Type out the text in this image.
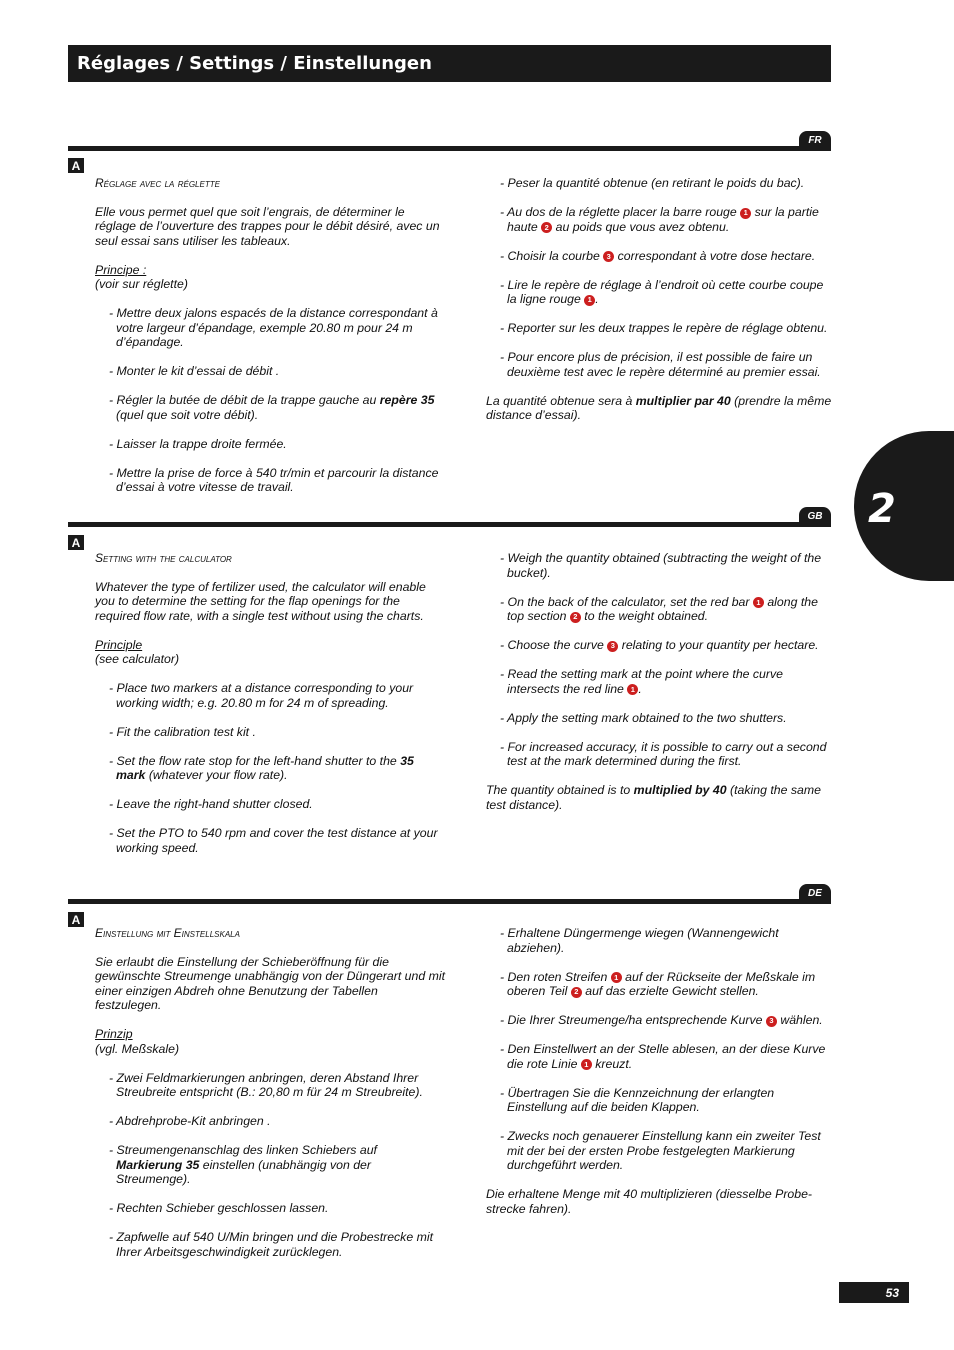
Réglages / Settings / Einstellungen
2
FR
A
Réglage avec la réglette

Elle vous permet quel que soit l’engrais, de déterminer le réglage de l’ouverture des trappes pour le débit désiré, avec un seul essai sans utiliser les tableaux.

Principe :
(voir sur réglette)

- Mettre deux jalons espacés de la distance correspondant à votre largeur d’épandage, exemple 20.80 m pour 24 m d’épandage.

- Monter le kit d’essai de débit .

- Régler la butée de débit de la trappe gauche au repère 35 (quel que soit votre débit).

- Laisser la trappe droite fermée.

- Mettre la prise de force à 540 tr/min et parcourir la distance d’essai à votre vitesse de travail.

- Peser la quantité obtenue (en retirant le poids du bac).

- Au dos de la réglette placer la barre rouge 1 sur la partie haute 2 au poids que vous avez obtenu.

- Choisir la courbe 3 correspondant à votre dose hectare.

- Lire le repère de réglage à l’endroit où cette courbe coupe la ligne rouge 1 .

- Reporter sur les deux trappes le repère de réglage obtenu.

- Pour encore plus de précision, il est possible de faire un deuxième test avec le repère déterminé au premier essai.

La quantité obtenue sera à multiplier par 40 (prendre la même distance d’essai).

GB
A
Setting with the calculator

Whatever the type of fertilizer used, the calculator will enable you to determine the setting for the flap openings for the required flow rate, with a single test without using the charts.

Principle
(see calculator)

- Place two markers at a distance corresponding to your working width; e.g. 20.80 m for 24 m of spreading.

- Fit the calibration test kit .

- Set the flow rate stop for the left-hand shutter to the 35 mark (whatever your flow rate).

- Leave the right-hand shutter closed.

- Set the PTO to 540 rpm and cover the test distance at your working speed.

- Weigh the quantity obtained (subtracting the weight of the bucket).

- On the back of the calculator, set the red bar 1 along the top section 2 to the weight obtained.

- Choose the curve 3 relating to your quantity per hectare.

- Read the setting mark at the point where the curve intersects the red line 1 .

- Apply the setting mark obtained to the two shutters.

- For increased accuracy, it is possible to carry out a second test at the mark determined during the first.

The quantity obtained is to multiplied by 40 (taking the same test distance).

DE
A
Einstellung mit Einstellskala

Sie erlaubt die Einstellung der Schieberöffnung für die gewünschte Streumenge unabhängig von der Düngerart und mit einer einzigen Abdreh ohne Benutzung der Tabellen festzulegen.

Prinzip
(vgl. Meßskale)

- Zwei Feldmarkierungen anbringen, deren Abstand Ihrer Streubreite entspricht (B.: 20,80 m für 24 m Streubreite).

- Abdrehprobe-Kit anbringen .

- Streumengenanschlag des linken Schiebers auf Markierung 35 einstellen (unabhängig von der Streumenge).

- Rechten Schieber geschlossen lassen.

- Zapfwelle auf 540 U/Min bringen und die Probestrecke mit Ihrer Arbeitsgeschwindigkeit zurücklegen.

- Erhaltene Düngermenge wiegen (Wannengewicht abziehen).

- Den roten Streifen 1 auf der Rückseite der Meßskale im oberen Teil 2 auf das erzielte Gewicht stellen.

- Die Ihrer Streumenge/ha entsprechende Kurve 3 wählen.

- Den Einstellwert an der Stelle ablesen, an der diese Kurve die rote Linie 1 kreuzt.

- Übertragen Sie die Kennzeichnung der erlangten Einstellung auf die beiden Klappen.

- Zwecks noch genauerer Einstellung kann ein zweiter Test mit der bei der ersten Probe festgelegten Markierung durchgeführt werden.

Die erhaltene Menge mit 40 multiplizieren (diesselbe Probe-strecke fahren).

53
